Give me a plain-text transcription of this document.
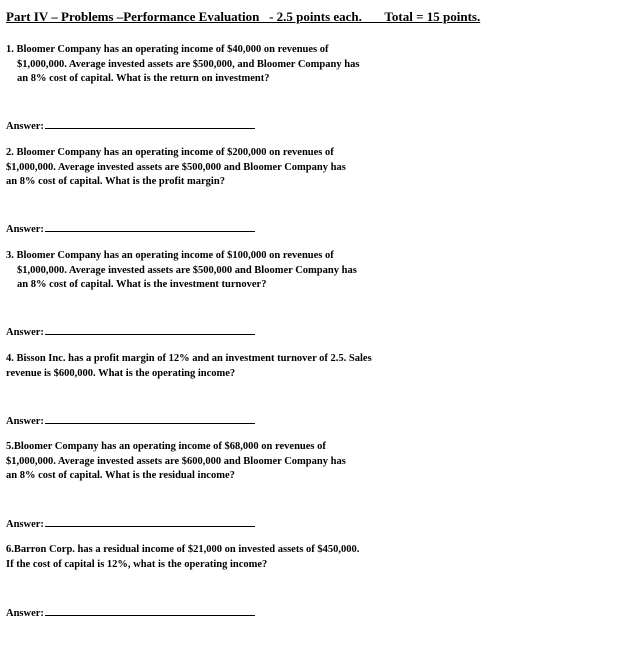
Part IV – Problems –Performance Evaluation   - 2.5 points each.       Total = 15 points.
1. Bloomer Company has an operating income of $40,000 on revenues of
$1,000,000. Average invested assets are $500,000, and Bloomer Company has
an 8% cost of capital. What is the return on investment?
Answer:
2. Bloomer Company has an operating income of $200,000 on revenues of
$1,000,000. Average invested assets are $500,000 and Bloomer Company has
an 8% cost of capital. What is the profit margin?
Answer:
3. Bloomer Company has an operating income of $100,000 on revenues of
$1,000,000. Average invested assets are $500,000 and Bloomer Company has
an 8% cost of capital. What is the investment turnover?
Answer:
4. Bisson Inc. has a profit margin of 12% and an investment turnover of 2.5. Sales
revenue is $600,000. What is the operating income?
Answer:
5.Bloomer Company has an operating income of $68,000 on revenues of
$1,000,000. Average invested assets are $600,000 and Bloomer Company has
an 8% cost of capital. What is the residual income?
Answer:
6.Barron Corp. has a residual income of $21,000 on invested assets of $450,000.
If the cost of capital is 12%, what is the operating income?
Answer:
